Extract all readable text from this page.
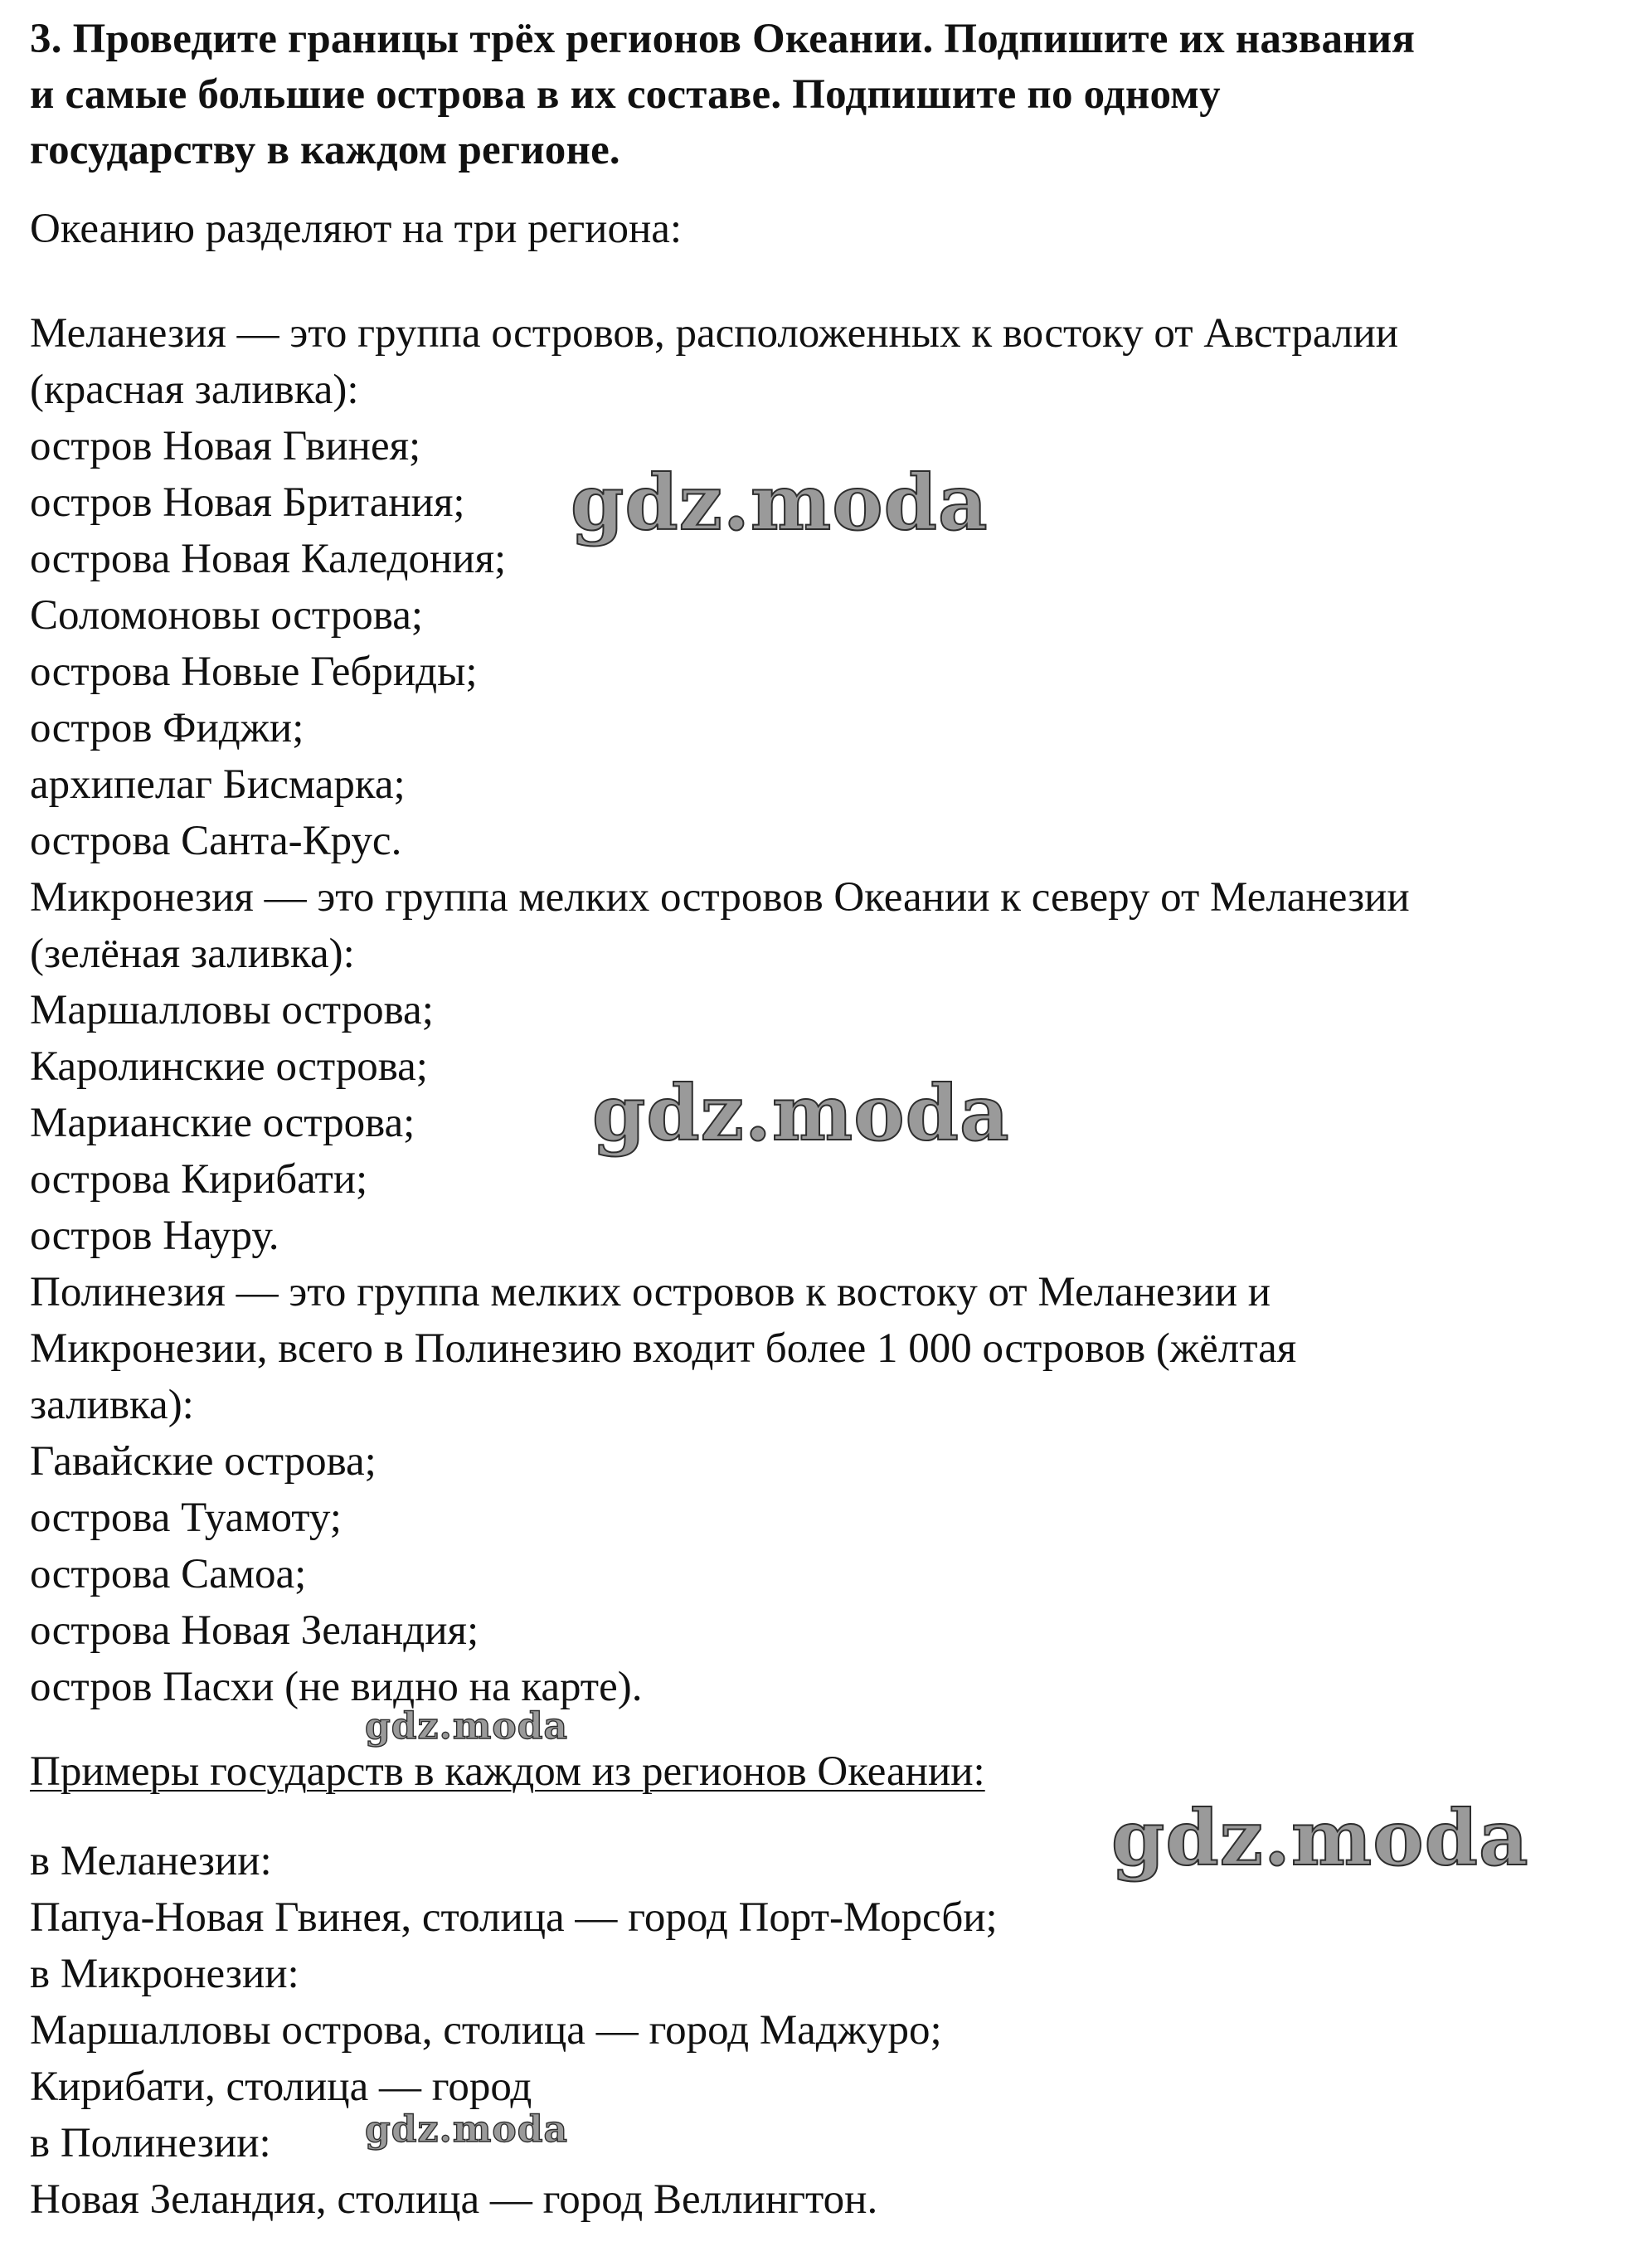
3. Проведите границы трёх регионов Океании. Подпишите их названия
и самые большие острова в их составе. Подпишите по одному
государству в каждом регионе.
Океанию разделяют на три региона:
Меланезия — это группа островов, расположенных к востоку от Австралии
(красная заливка):
остров Новая Гвинея;
остров Новая Британия;
острова Новая Каледония;
Соломоновы острова;
острова Новые Гебриды;
остров Фиджи;
архипелаг Бисмарка;
острова Санта-Крус.
Микронезия — это группа мелких островов Океании к северу от Меланезии
(зелёная заливка):
Маршалловы острова;
Каролинские острова;
Марианские острова;
острова Кирибати;
остров Науру.
Полинезия — это группа мелких островов к востоку от Меланезии и
Микронезии, всего в Полинезию входит более 1 000 островов (жёлтая
заливка):
Гавайские острова;
острова Туамоту;
острова Самоа;
острова Новая Зеландия;
остров Пасхи (не видно на карте).
Примеры государств в каждом из регионов Океании:
в Меланезии:
Папуа-Новая Гвинея, столица — город Порт-Морсби;
в Микронезии:
Маршалловы острова, столица — город Маджуро;
Кирибати, столица — город
в Полинезии:
Новая Зеландия, столица — город Веллингтон.
gdz.moda
gdz.moda
gdz.moda
gdz.moda
gdz.moda
